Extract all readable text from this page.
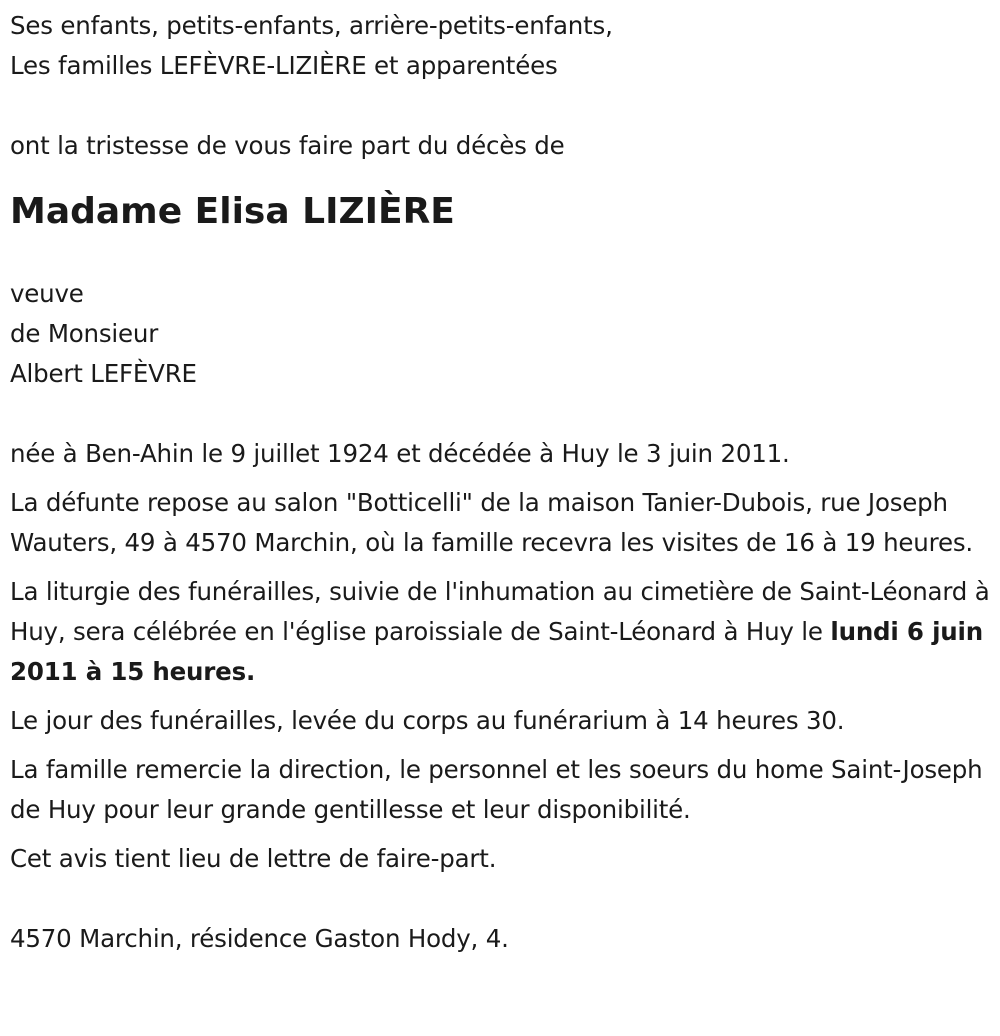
Ses enfants, petits-enfants, arrière-petits-enfants,
Les familles LEFÈVRE-LIZIÈRE et apparentées
ont la tristesse de vous faire part du décès de
Madame Elisa LIZIÈRE
veuve
de Monsieur
Albert LEFÈVRE

née à Ben-Ahin le 9 juillet 1924 et décédée à Huy le 3 juin 2011.

La défunte repose au salon "Botticelli" de la maison Tanier-Dubois, rue Joseph Wauters, 49 à 4570 Marchin, où la famille recevra les visites de 16 à 19 heures.

La liturgie des funérailles, suivie de l'inhumation au cimetière de Saint-Léonard à Huy, sera célébrée en l'église paroissiale de Saint-Léonard à Huy le lundi 6 juin 2011 à 15 heures.

Le jour des funérailles, levée du corps au funérarium à 14 heures 30.

La famille remercie la direction, le personnel et les soeurs du home Saint-Joseph de Huy pour leur grande gentillesse et leur disponibilité.

Cet avis tient lieu de lettre de faire-part.

4570 Marchin, résidence Gaston Hody, 4.
